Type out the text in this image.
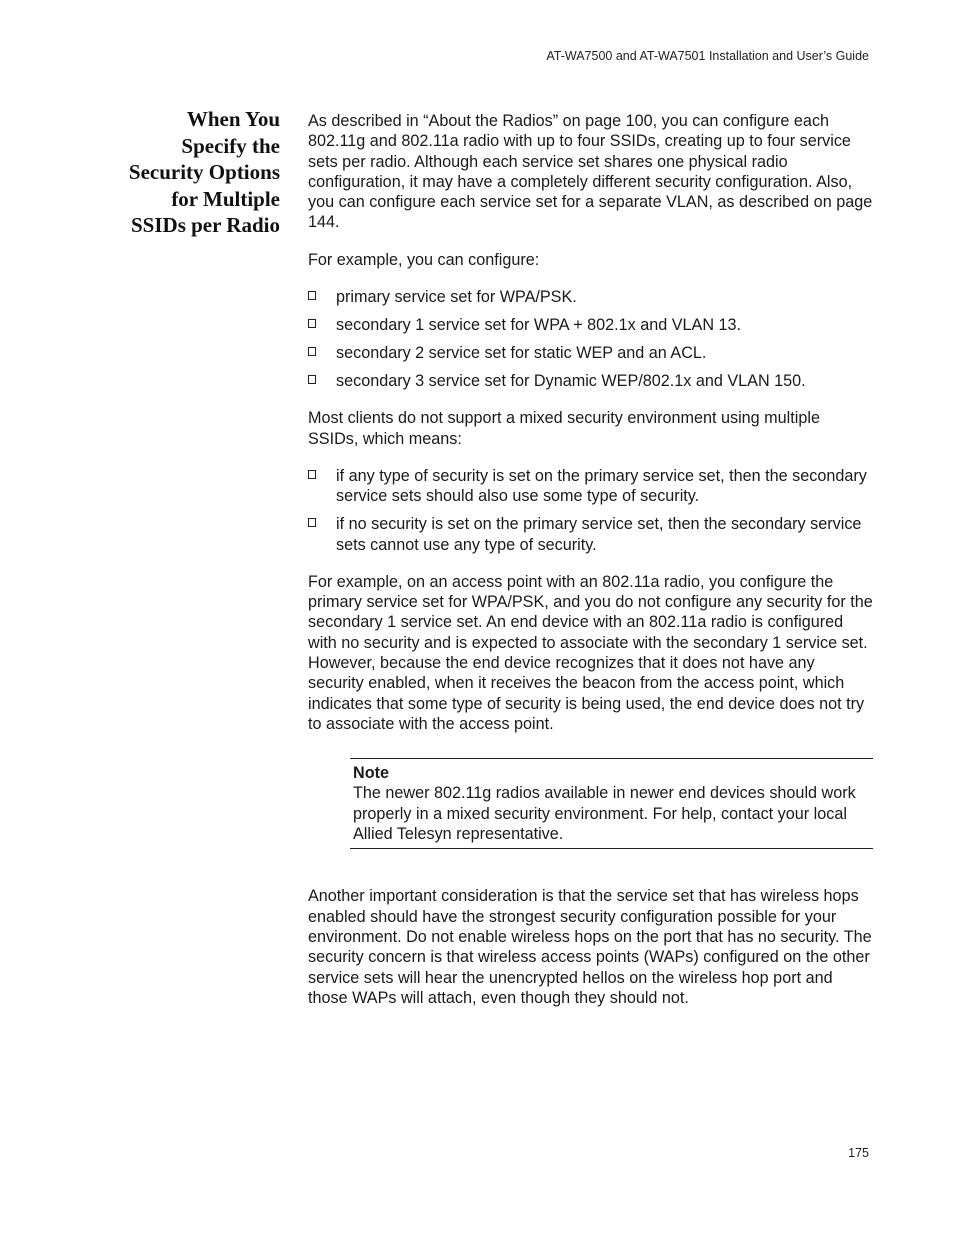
AT-WA7500 and AT-WA7501 Installation and User’s Guide
When You
Specify the
Security Options
for Multiple
SSIDs per Radio

As described in “About the Radios” on page 100, you can configure each 802.11g and 802.11a radio with up to four SSIDs, creating up to four service sets per radio. Although each service set shares one physical radio configuration, it may have a completely different security configuration. Also, you can configure each service set for a separate VLAN, as described on page 144.

For example, you can configure:

primary service set for WPA/PSK.
secondary 1 service set for WPA + 802.1x and VLAN 13.
secondary 2 service set for static WEP and an ACL.
secondary 3 service set for Dynamic WEP/802.1x and VLAN 150.

Most clients do not support a mixed security environment using multiple SSIDs, which means:

if any type of security is set on the primary service set, then the secondary service sets should also use some type of security.
if no security is set on the primary service set, then the secondary service sets cannot use any type of security.

For example, on an access point with an 802.11a radio, you configure the primary service set for WPA/PSK, and you do not configure any security for the secondary 1 service set. An end device with an 802.11a radio is configured with no security and is expected to associate with the secondary 1 service set. However, because the end device recognizes that it does not have any security enabled, when it receives the beacon from the access point, which indicates that some type of security is being used, the end device does not try to associate with the access point.

Note
The newer 802.11g radios available in newer end devices should work properly in a mixed security environment. For help, contact your local Allied Telesyn representative.

Another important consideration is that the service set that has wireless hops enabled should have the strongest security configuration possible for your environment. Do not enable wireless hops on the port that has no security. The security concern is that wireless access points (WAPs) configured on the other service sets will hear the unencrypted hellos on the wireless hop port and those WAPs will attach, even though they should not.

175
